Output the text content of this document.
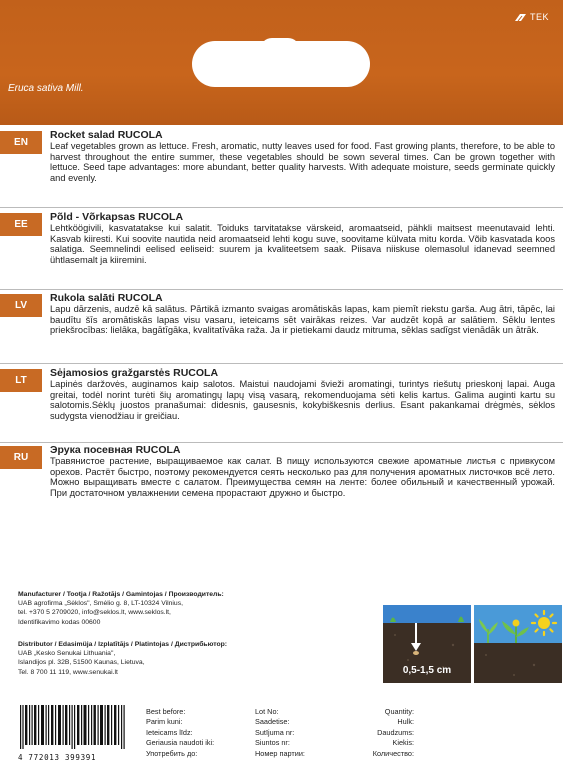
TEK
Eruca sativa Mill.
EN
Rocket salad RUCOLA
Leaf vegetables grown as lettuce. Fresh, aromatic, nutty leaves used for food. Fast growing plants, therefore, to be able to harvest throughout the entire summer, these vegetables should be sown several times. Can be grown together with lettuce. Seed tape advantages: more abundant, better quality harvests. With adequate moisture, seeds germinate quickly and evenly.
EE
Põld - Võrkapsas RUCOLA
Lehtköögivili, kasvatatakse kui salatit. Toiduks tarvitatakse värskeid, aromaatseid, pähkli maitsest meenutavaid lehti. Kasvab kiiresti. Kui soovite nautida neid aromaatseid lehti kogu suve, soovitame külvata mitu korda. Võib kasvatada koos salatiga. Seemnelindi eelised eeliseid: suurem ja kvaliteetsem saak. Piisava niiskuse olemasolul idanevad seemned ühtlasemalt ja kiiremini.
LV
Rukola salāti RUCOLA
Lapu dārzenis, audzē kā salātus. Pārtikā izmanto svaigas aromātiskās lapas, kam piemīt riekstu garša. Aug ātri, tāpēc, lai baudītu šīs aromātiskās lapas visu vasaru, ieteicams sēt vairākas reizes. Var audzēt kopā ar salātiem. Sēklu lentes priekšrocības: lielāka, bagātīgāka, kvalitatīvāka raža. Ja ir pietiekami daudz mitruma, sēklas sadīgst vienādāk un ātrāk.
LT
Sėjamosios gražgarstės RUCOLA
Lapinės daržovės, auginamos kaip salotos. Maistui naudojami švieži aromatingi, turintys riešutų prieskonį lapai. Auga greitai, todėl norint turėti šių aromatingų lapų visą vasarą, rekomenduojama sėti kelis kartus. Galima auginti kartu su salotomis.Sėklų juostos pranašumai: didesnis, gausesnis, kokybiškesnis derlius. Esant pakankamai drėgmės, sėklos sudygsta vienodžiau ir greičiau.
RU
Эрука посевная RUCOLA
Травянистое растение, выращиваемое как салат. В пищу используются свежие ароматные листья с привкусом орехов. Растёт быстро, поэтому рекомендуется сеять несколько раз для получения ароматных листочков всё лето. Можно выращивать вместе с салатом. Преимущества семян на ленте: более обильный и качественный урожай. При достаточном увлажнении семена прорастают дружно и быстро.
Manufacturer / Tootja / Ražotājs / Gamintojas / Производитель:
UAB agrofirma „Sėklos", Smėlio g. 8, LT-10324 Vilnius,
tel. +370 5 2709020, info@seklos.lt, www.seklos.lt,
Identifikavimo kodas 00600
Distributor / Edasimüja / Izplatītājs / Platintojas / Дистрибьютор:
UAB „Kesko Senukai Lithuania",
Islandijos pl. 32B, 51500 Kaunas, Lietuva,
Tel. 8 700 11 119, www.senukai.lt	0,5-1,5 cm
4 772013 399391
Best before:
Parim kuni:
Ieteicams līdz:
Geriausia naudoti iki:
Употребить до:
Lot No:
Saadetise:
Sutījuma nr:
Siuntos nr:
Номер партии:
Quantity:
Hulk:
Daudzums:
Kiekis:
Количество:
